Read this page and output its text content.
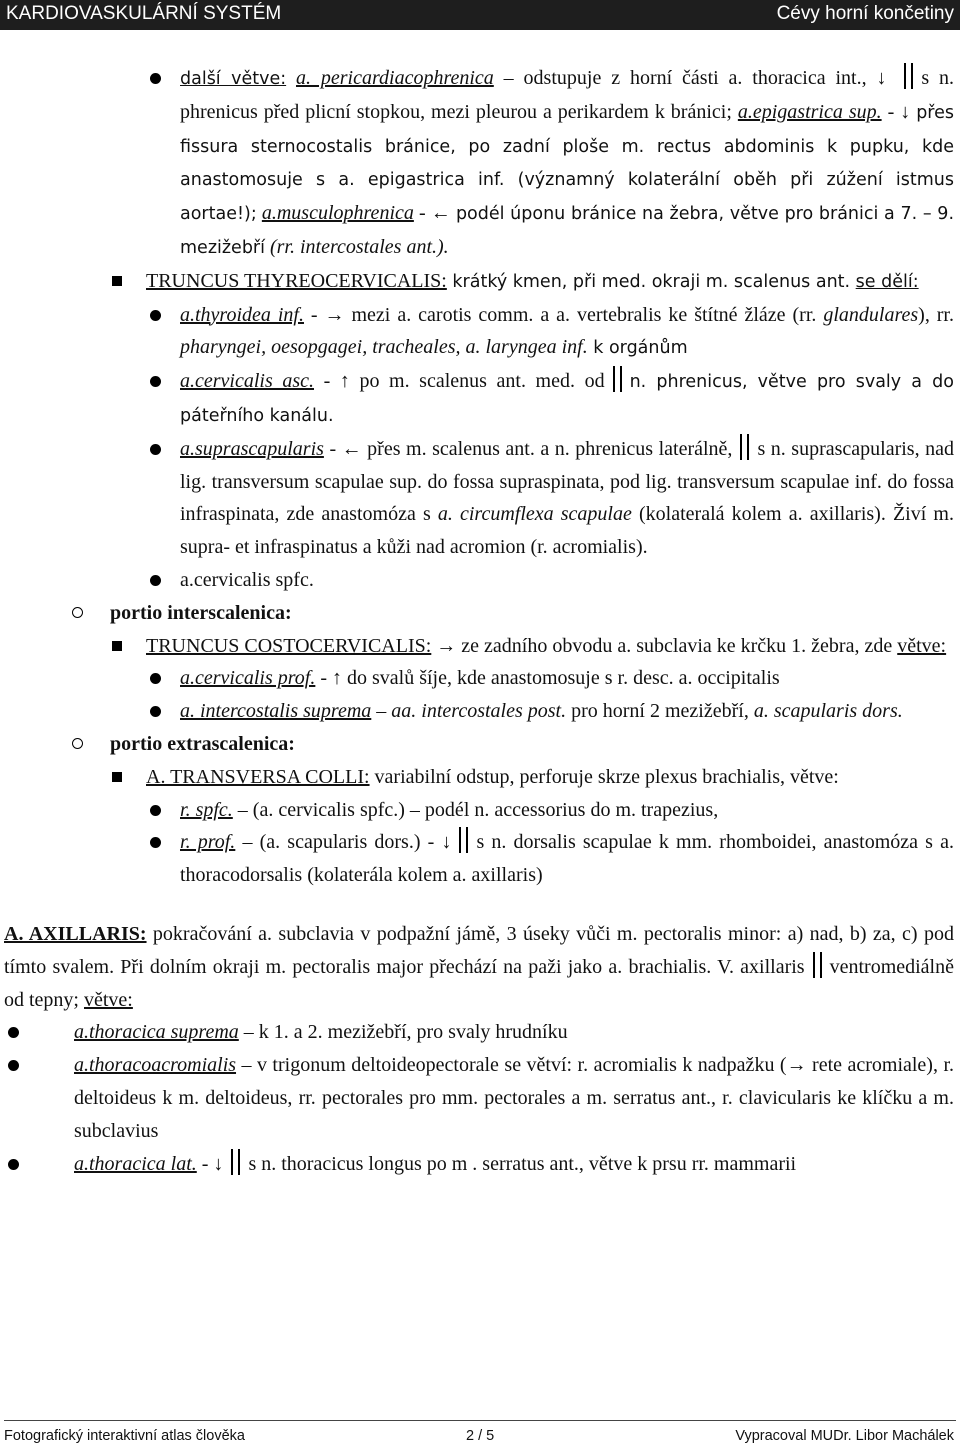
KARDIOVASKULÁRNÍ SYSTÉM	Cévy horní končetiny
další větve: a. pericardiacophrenica – odstupuje z horní části a. thoracica int., ↓ s n. phrenicus před plicní stopkou, mezi pleurou a perikardem k bránici; a.epigastrica sup. - ↓ přes fissura sternocostalis bránice, po zadní ploše m. rectus abdominis k pupku, kde anastomosuje s a. epigastrica inf. (významný kolaterální oběh při zúžení istmus aortae!); a.musculophrenica - ← podél úponu bránice na žebra, větve pro bránici a 7. – 9. mezižebří (rr. intercostales ant.).
TRUNCUS THYREOCERVICALIS: krátký kmen, při med. okraji m. scalenus ant. se dělí:
a.thyroidea inf. - → mezi a. carotis comm. a a. vertebralis ke štítné žláze (rr. glandulares), rr. pharyngei, oesopgagei, tracheales, a. laryngea inf. k orgánům
a.cervicalis asc. - ↑ po m. scalenus ant. med. od n. phrenicus, větve pro svaly a do páteřního kanálu.
a.suprascapularis - ← přes m. scalenus ant. a n. phrenicus laterálně, s n. suprascapularis, nad lig. transversum scapulae sup. do fossa supraspinata, pod lig. transversum scapulae inf. do fossa infraspinata, zde anastomóza s a. circumflexa scapulae (kolateralá kolem a. axillaris). Živí m. supra- et infraspinatus a kůži nad acromion (r. acromialis).
a.cervicalis spfc.
portio interscalenica:
TRUNCUS COSTOCERVICALIS: → ze zadního obvodu a. subclavia ke krčku 1. žebra, zde větve:
a.cervicalis prof. - ↑ do svalů šíje, kde anastomosuje s r. desc. a. occipitalis
a. intercostalis suprema – aa. intercostales post. pro horní 2 mezižebří, a. scapularis dors.
portio extrascalenica:
A. TRANSVERSA COLLI: variabilní odstup, perforuje skrze plexus brachialis, větve:
r. spfc. – (a. cervicalis spfc.) – podél n. accessorius do m. trapezius,
r. prof. – (a. scapularis dors.) - ↓ s n. dorsalis scapulae k mm. rhomboidei, anastomóza s a. thoracodorsalis (kolaterála kolem a. axillaris)
A. AXILLARIS: pokračování a. subclavia v podpažní jámě, 3 úseky vůči m. pectoralis minor: a) nad, b) za, c) pod tímto svalem. Při dolním okraji m. pectoralis major přechází na paži jako a. brachialis. V. axillaris ventromediálně od tepny; větve:
a.thoracica suprema – k 1. a 2. mezižebří, pro svaly hrudníku
a.thoracoacromialis – v trigonum deltoideopectorale se větví: r. acromialis k nadpažku (→ rete acromiale), r. deltoideus k m. deltoideus, rr. pectorales pro mm. pectorales a m. serratus ant., r. clavicularis ke klíčku a m. subclavius
a.thoracica lat. - ↓ s n. thoracicus longus po m . serratus ant., větve k prsu rr. mammarii
Fotografický interaktivní atlas člověka	2 / 5	Vypracoval MUDr. Libor Machálek
